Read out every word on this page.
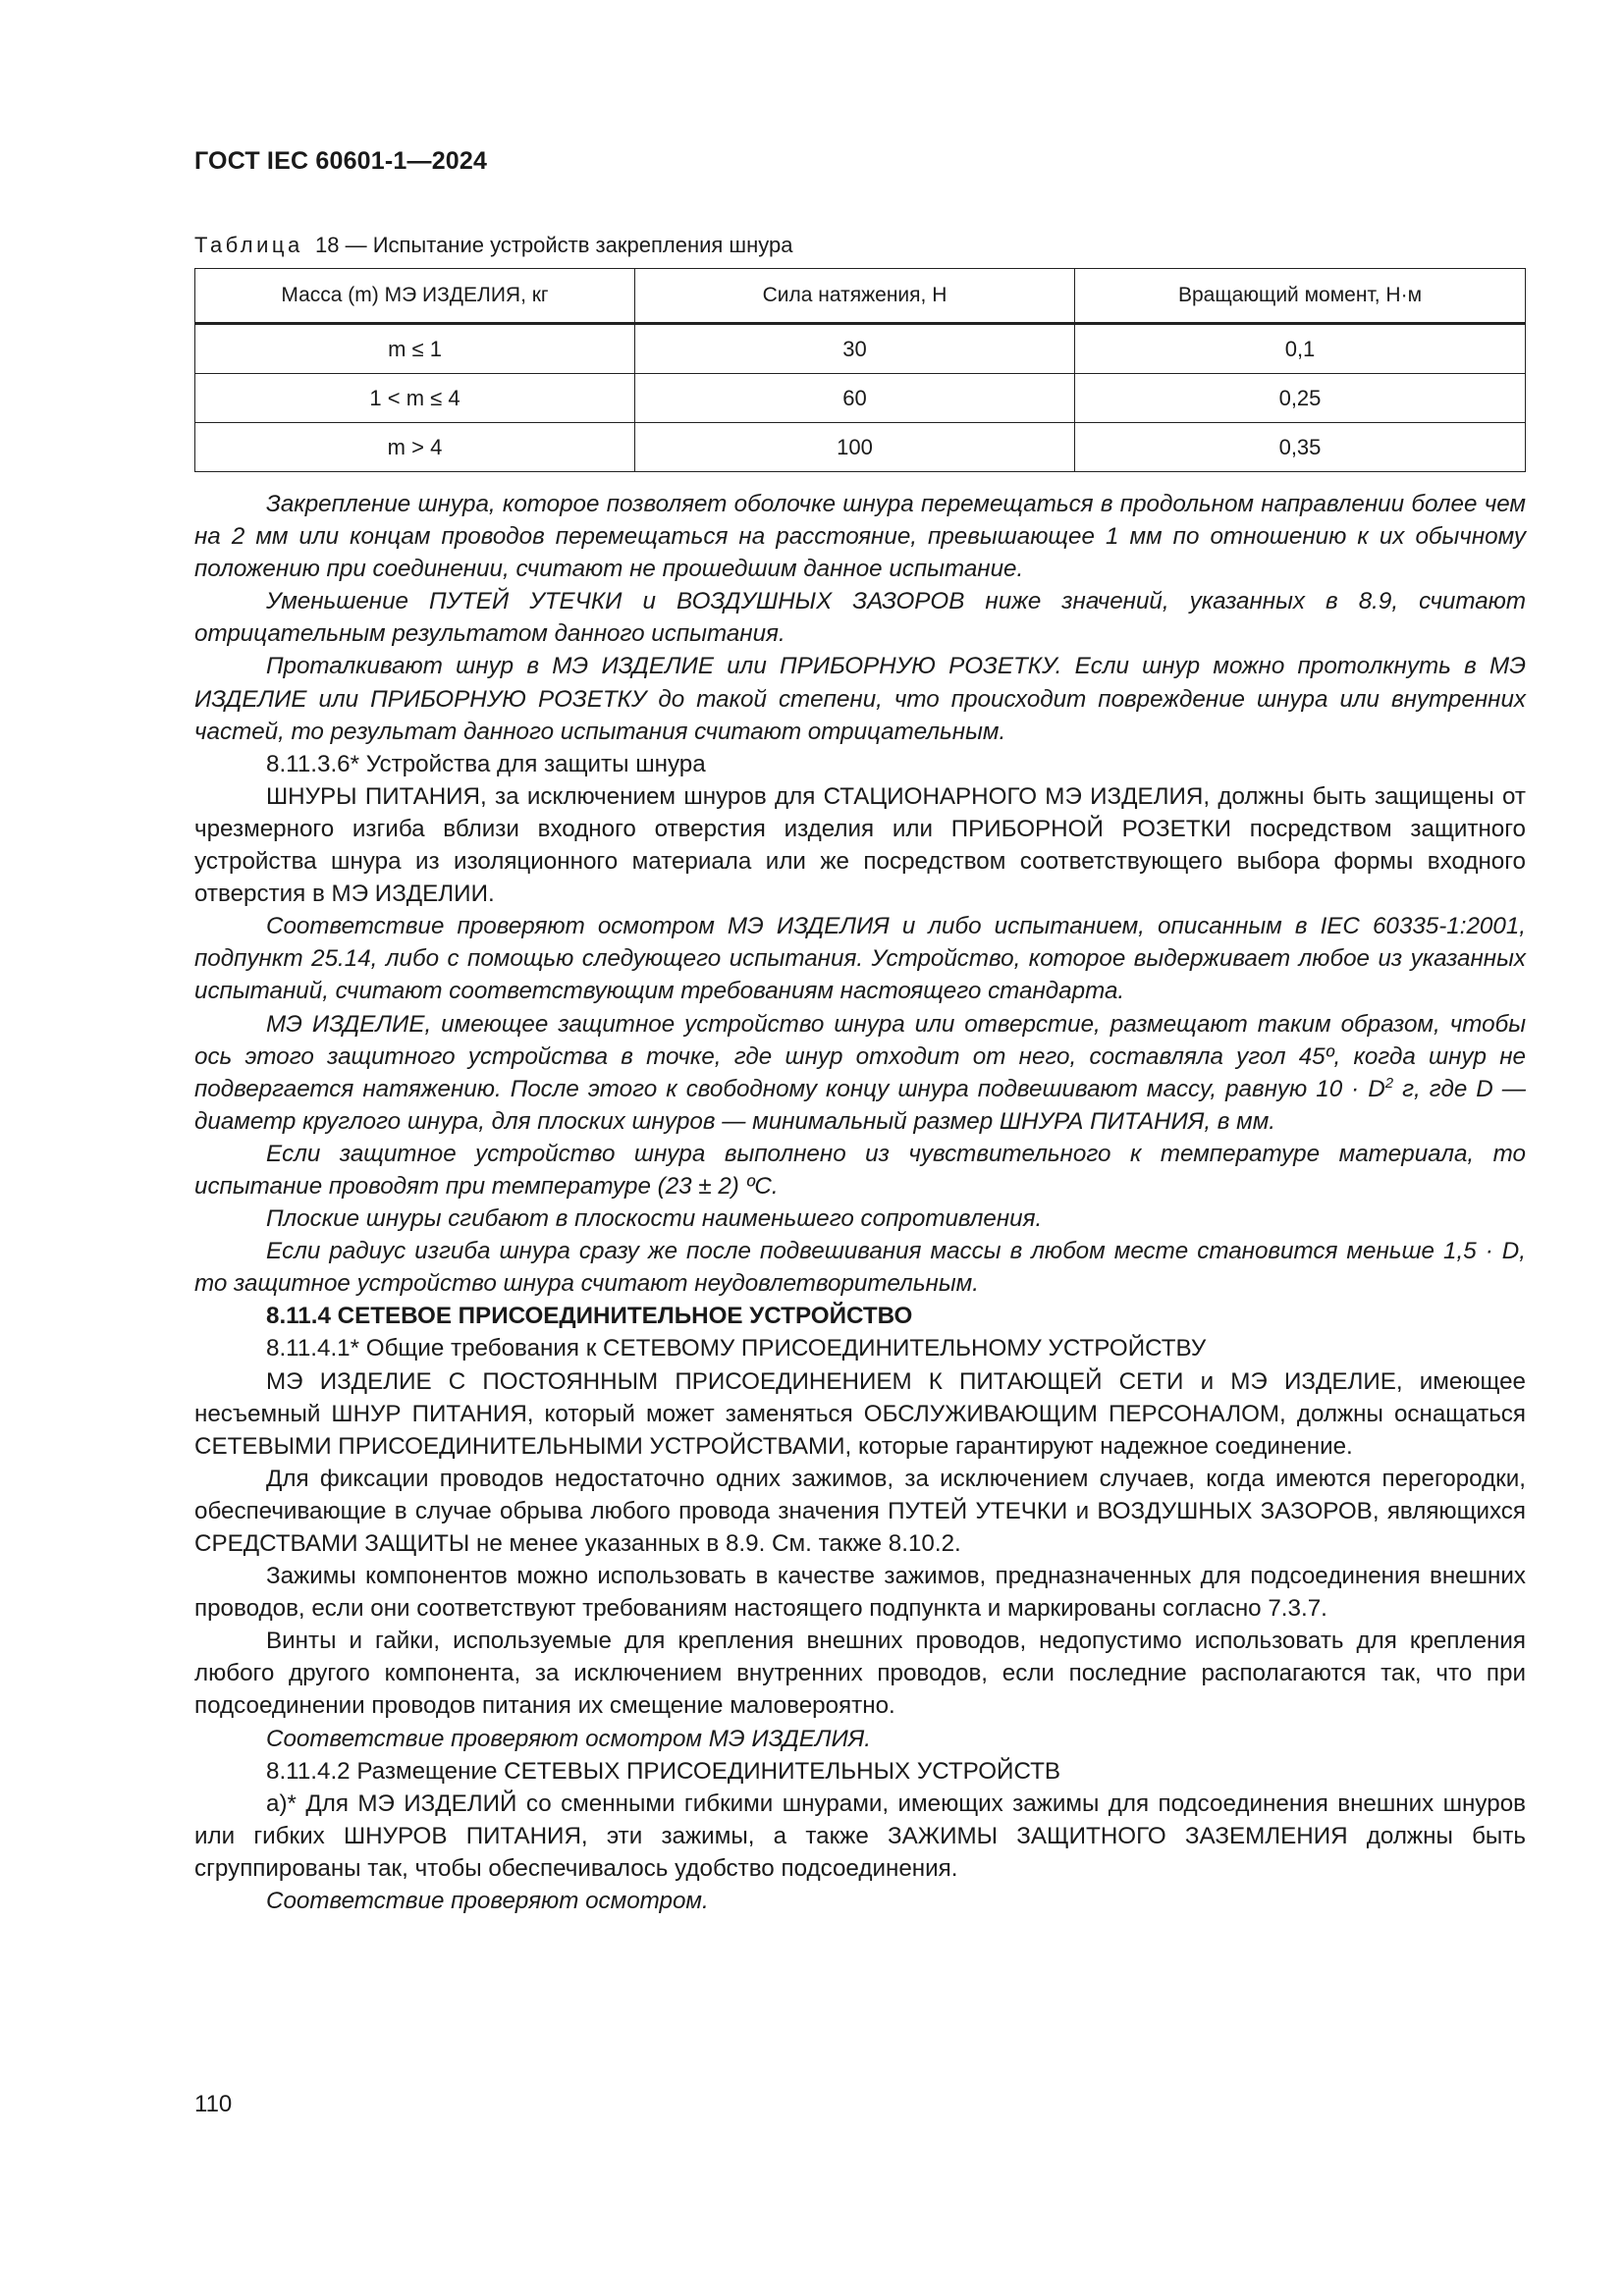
ГОСТ IEC 60601-1—2024
Таблица 18 — Испытание устройств закрепления шнура
Масса (m) МЭ ИЗДЕЛИЯ, кг	Сила натяжения, Н	Вращающий момент, Н·м
m ≤ 1	30	0,1
1 < m ≤ 4	60	0,25
m > 4	100	0,35

Закрепление шнура, которое позволяет оболочке шнура перемещаться в продольном направлении более чем на 2 мм или концам проводов перемещаться на расстояние, превышающее 1 мм по отношению к их обычному положению при соединении, считают не прошедшим данное испытание.

Уменьшение ПУТЕЙ УТЕЧКИ и ВОЗДУШНЫХ ЗАЗОРОВ ниже значений, указанных в 8.9, считают отрицательным результатом данного испытания.

Проталкивают шнур в МЭ ИЗДЕЛИЕ или ПРИБОРНУЮ РОЗЕТКУ. Если шнур можно протолкнуть в МЭ ИЗДЕЛИЕ или ПРИБОРНУЮ РОЗЕТКУ до такой степени, что происходит повреждение шнура или внутренних частей, то результат данного испытания считают отрицательным.

8.11.3.6* Устройства для защиты шнура

ШНУРЫ ПИТАНИЯ, за исключением шнуров для СТАЦИОНАРНОГО МЭ ИЗДЕЛИЯ, должны быть защищены от чрезмерного изгиба вблизи входного отверстия изделия или ПРИБОРНОЙ РОЗЕТКИ посредством защитного устройства шнура из изоляционного материала или же посредством соответствующего выбора формы входного отверстия в МЭ ИЗДЕЛИИ.

Соответствие проверяют осмотром МЭ ИЗДЕЛИЯ и либо испытанием, описанным в IEC 60335-1:2001, подпункт 25.14, либо с помощью следующего испытания. Устройство, которое выдерживает любое из указанных испытаний, считают соответствующим требованиям настоящего стандарта.

МЭ ИЗДЕЛИЕ, имеющее защитное устройство шнура или отверстие, размещают таким образом, чтобы ось этого защитного устройства в точке, где шнур отходит от него, составляла угол 45º, когда шнур не подвергается натяжению. После этого к свободному концу шнура подвешивают массу, равную $10 \cdot D^2$ г, где D — диаметр круглого шнура, для плоских шнуров — минимальный размер ШНУРА ПИТАНИЯ, в мм.

Если защитное устройство шнура выполнено из чувствительного к температуре материала, то испытание проводят при температуре (23 ± 2) ºС.

Плоские шнуры сгибают в плоскости наименьшего сопротивления.

Если радиус изгиба шнура сразу же после подвешивания массы в любом месте становится меньше 1,5 · D, то защитное устройство шнура считают неудовлетворительным.

8.11.4 СЕТЕВОЕ ПРИСОЕДИНИТЕЛЬНОЕ УСТРОЙСТВО

8.11.4.1* Общие требования к СЕТЕВОМУ ПРИСОЕДИНИТЕЛЬНОМУ УСТРОЙСТВУ

МЭ ИЗДЕЛИЕ С ПОСТОЯННЫМ ПРИСОЕДИНЕНИЕМ К ПИТАЮЩЕЙ СЕТИ и МЭ ИЗДЕЛИЕ, имеющее несъемный ШНУР ПИТАНИЯ, который может заменяться ОБСЛУЖИВАЮЩИМ ПЕРСОНАЛОМ, должны оснащаться СЕТЕВЫМИ ПРИСОЕДИНИТЕЛЬНЫМИ УСТРОЙСТВАМИ, которые гарантируют надежное соединение.

Для фиксации проводов недостаточно одних зажимов, за исключением случаев, когда имеются перегородки, обеспечивающие в случае обрыва любого провода значения ПУТЕЙ УТЕЧКИ и ВОЗДУШНЫХ ЗАЗОРОВ, являющихся СРЕДСТВАМИ ЗАЩИТЫ не менее указанных в 8.9. См. также 8.10.2.

Зажимы компонентов можно использовать в качестве зажимов, предназначенных для подсоединения внешних проводов, если они соответствуют требованиям настоящего подпункта и маркированы согласно 7.3.7.

Винты и гайки, используемые для крепления внешних проводов, недопустимо использовать для крепления любого другого компонента, за исключением внутренних проводов, если последние располагаются так, что при подсоединении проводов питания их смещение маловероятно.

Соответствие проверяют осмотром МЭ ИЗДЕЛИЯ.

8.11.4.2 Размещение СЕТЕВЫХ ПРИСОЕДИНИТЕЛЬНЫХ УСТРОЙСТВ

а)* Для МЭ ИЗДЕЛИЙ со сменными гибкими шнурами, имеющих зажимы для подсоединения внешних шнуров или гибких ШНУРОВ ПИТАНИЯ, эти зажимы, а также ЗАЖИМЫ ЗАЩИТНОГО ЗАЗЕМЛЕНИЯ должны быть сгруппированы так, чтобы обеспечивалось удобство подсоединения.

Соответствие проверяют осмотром.

110
